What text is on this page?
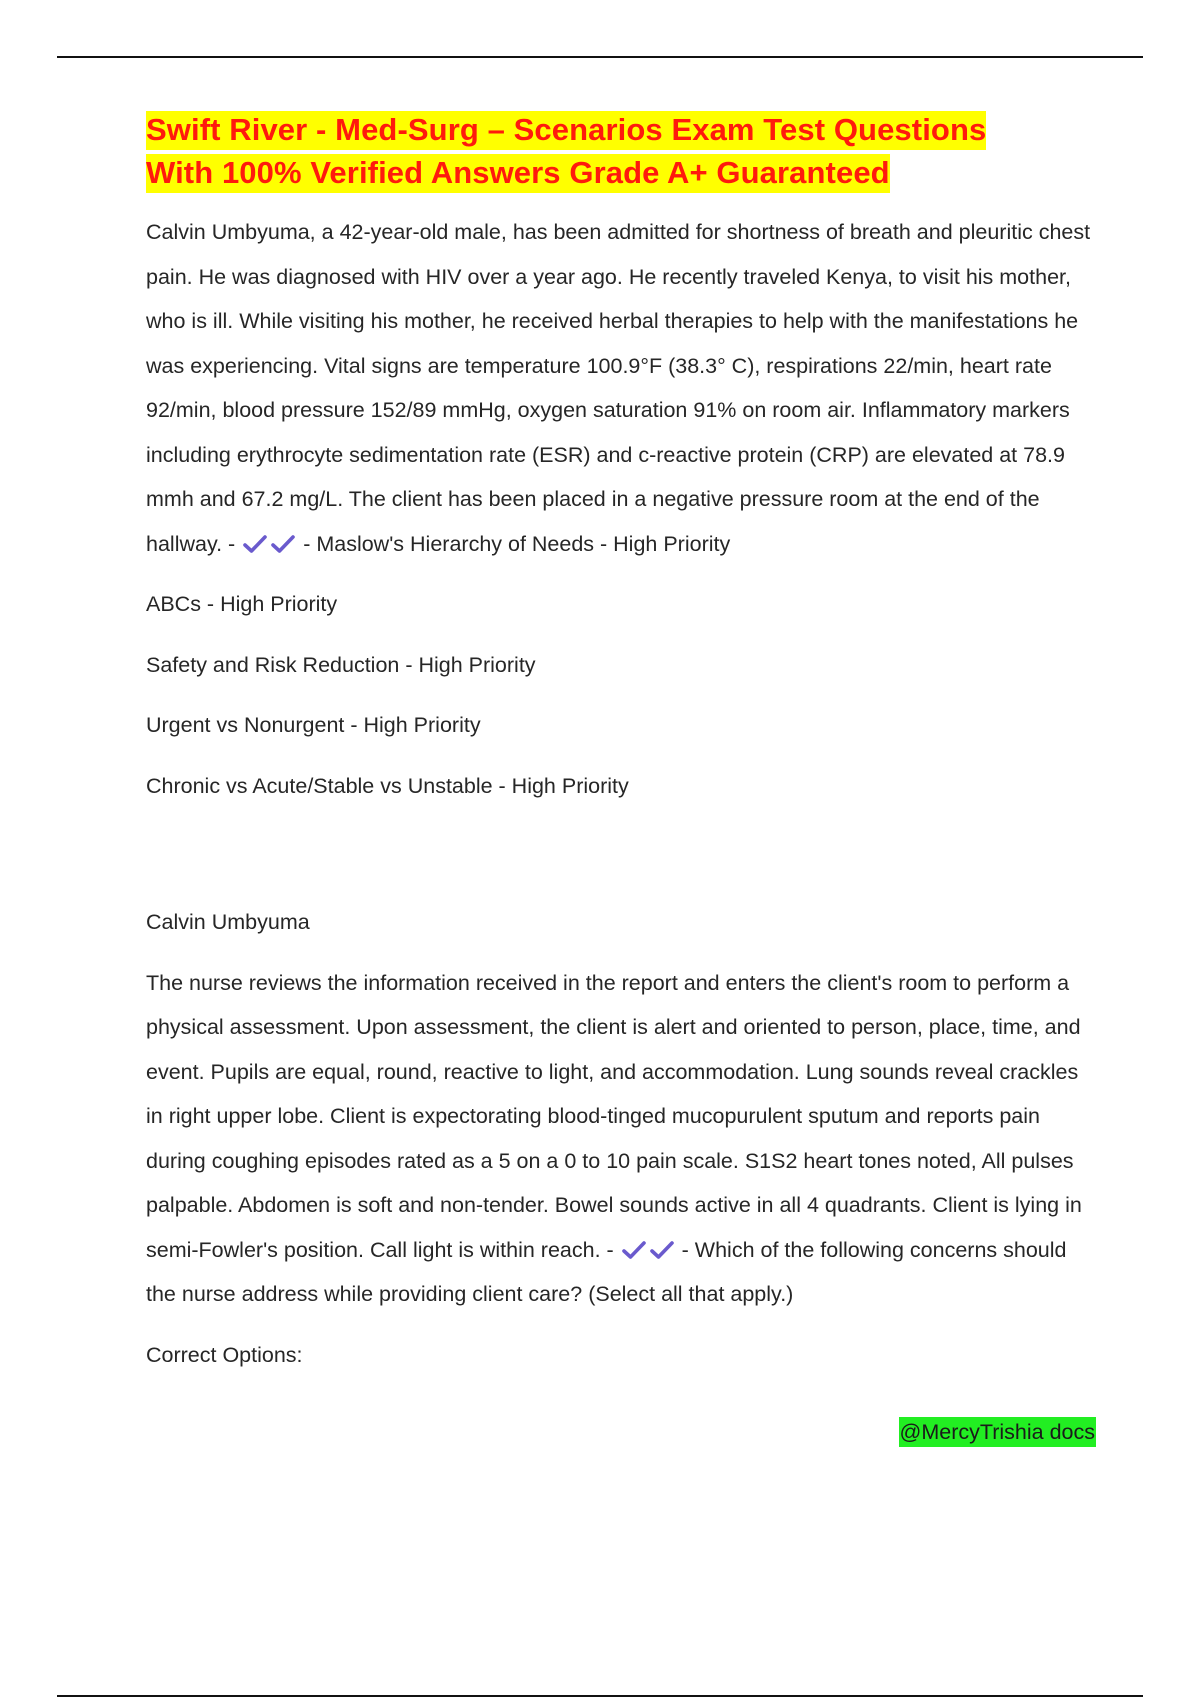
Swift River - Med-Surg – Scenarios Exam Test Questions
With 100% Verified Answers Grade A+ Guaranteed

Calvin Umbyuma, a 42-year-old male, has been admitted for shortness of breath and pleuritic chest pain. He was diagnosed with HIV over a year ago. He recently traveled Kenya, to visit his mother, who is ill. While visiting his mother, he received herbal therapies to help with the manifestations he was experiencing. Vital signs are temperature 100.9°F (38.3° C), respirations 22/min, heart rate 92/min, blood pressure 152/89 mmHg, oxygen saturation 91% on room air. Inflammatory markers including erythrocyte sedimentation rate (ESR) and c-reactive protein (CRP) are elevated at 78.9 mmh and 67.2 mg/L. The client has been placed in a negative pressure room at the end of the hallway. -	- Maslow's Hierarchy of Needs - High Priority

ABCs - High Priority

Safety and Risk Reduction - High Priority

Urgent vs Nonurgent - High Priority

Chronic vs Acute/Stable vs Unstable - High Priority

Calvin Umbyuma

The nurse reviews the information received in the report and enters the client's room to perform a physical assessment. Upon assessment, the client is alert and oriented to person, place, time, and event. Pupils are equal, round, reactive to light, and accommodation. Lung sounds reveal crackles in right upper lobe. Client is expectorating blood-tinged mucopurulent sputum and reports pain during coughing episodes rated as a 5 on a 0 to 10 pain scale. S1S2 heart tones noted, All pulses palpable. Abdomen is soft and non-tender. Bowel sounds active in all 4 quadrants. Client is lying in semi-Fowler's position. Call light is within reach. -	- Which of the following concerns should the nurse address while providing client care? (Select all that apply.)

Correct Options:

@MercyTrishia docs
